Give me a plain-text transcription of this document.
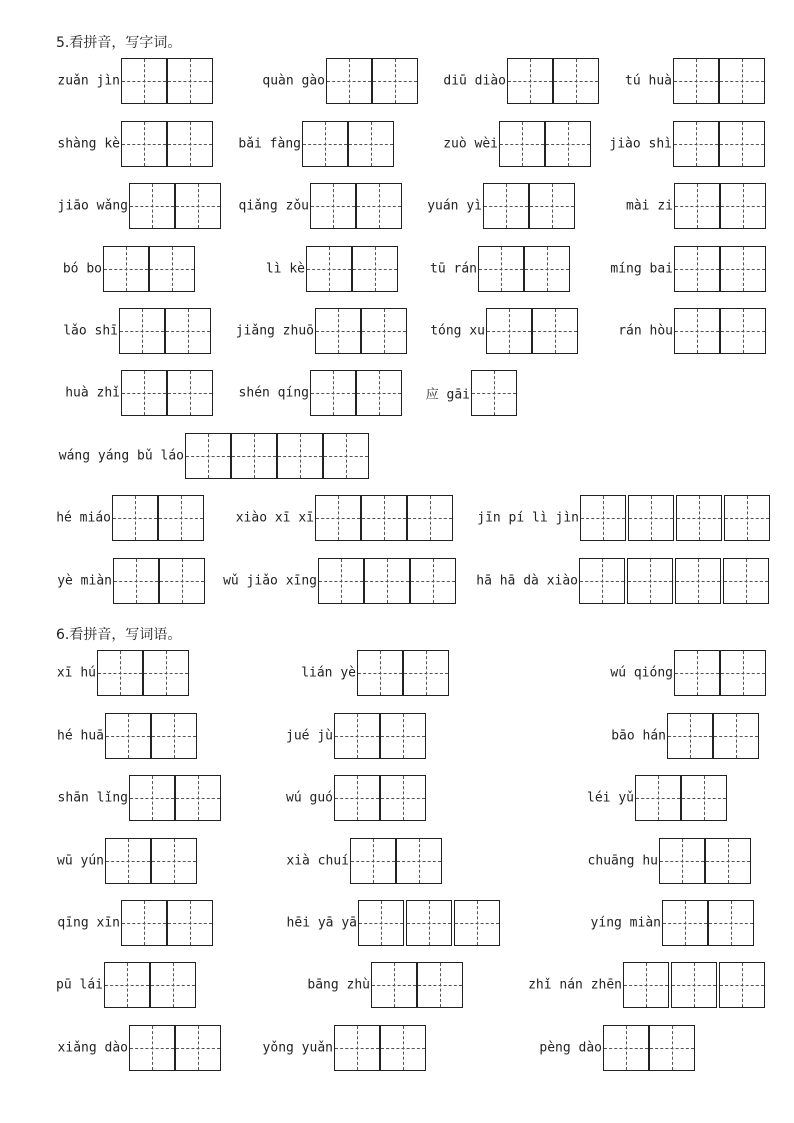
5.看拼音，写字词。
6.看拼音，写词语。
zuǎn jìn	quàn gào	diū diào	tú huà
shàng kè	bǎi fàng	zuò wèi	jiào shì
jiāo wǎng	qiǎng zǒu	yuán yì	mài zi
bó bo	lì kè	tū rán	míng bai
lǎo shī	jiǎng zhuō	tóng xu	rán hòu
huà zhǐ	shén qíng	应 gāi
wáng yáng bǔ láo
hé miáo	xiào xī xī	jīn pí lì jìn
yè miàn	wǔ jiǎo xīng	hā hā dà xiào
xī hú	lián yè	wú qióng
hé huā	jué jù	bāo hán
shān lǐng	wú guó	léi yǔ
wū yún	xià chuí	chuāng hu
qīng xīn	hēi yā yā	yíng miàn
pū lái	bāng zhù	zhǐ nán zhēn
xiǎng dào	yǒng yuǎn	pèng dào
